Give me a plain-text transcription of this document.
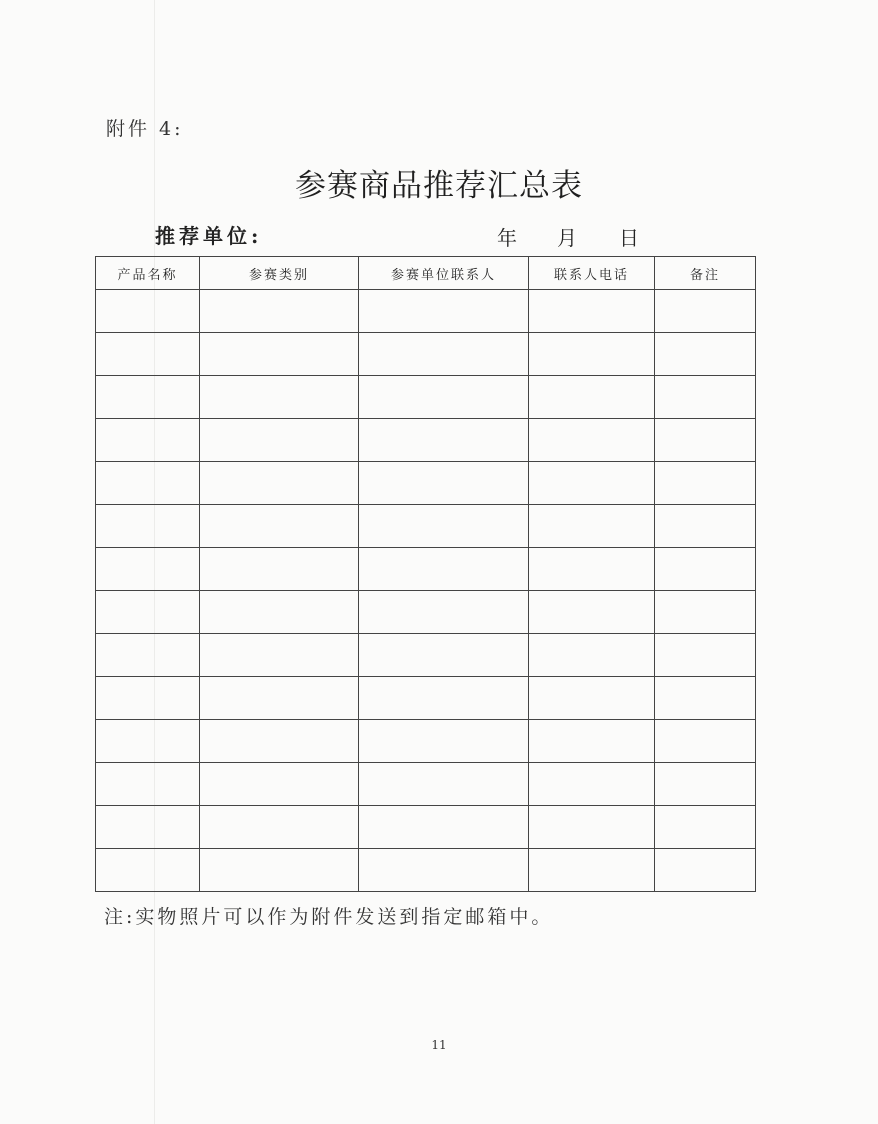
附件 4:
参赛商品推荐汇总表
推荐单位:	年 月 日
产品名称	参赛类别	参赛单位联系人	联系人电话	备注

注:实物照片可以作为附件发送到指定邮箱中。
11
